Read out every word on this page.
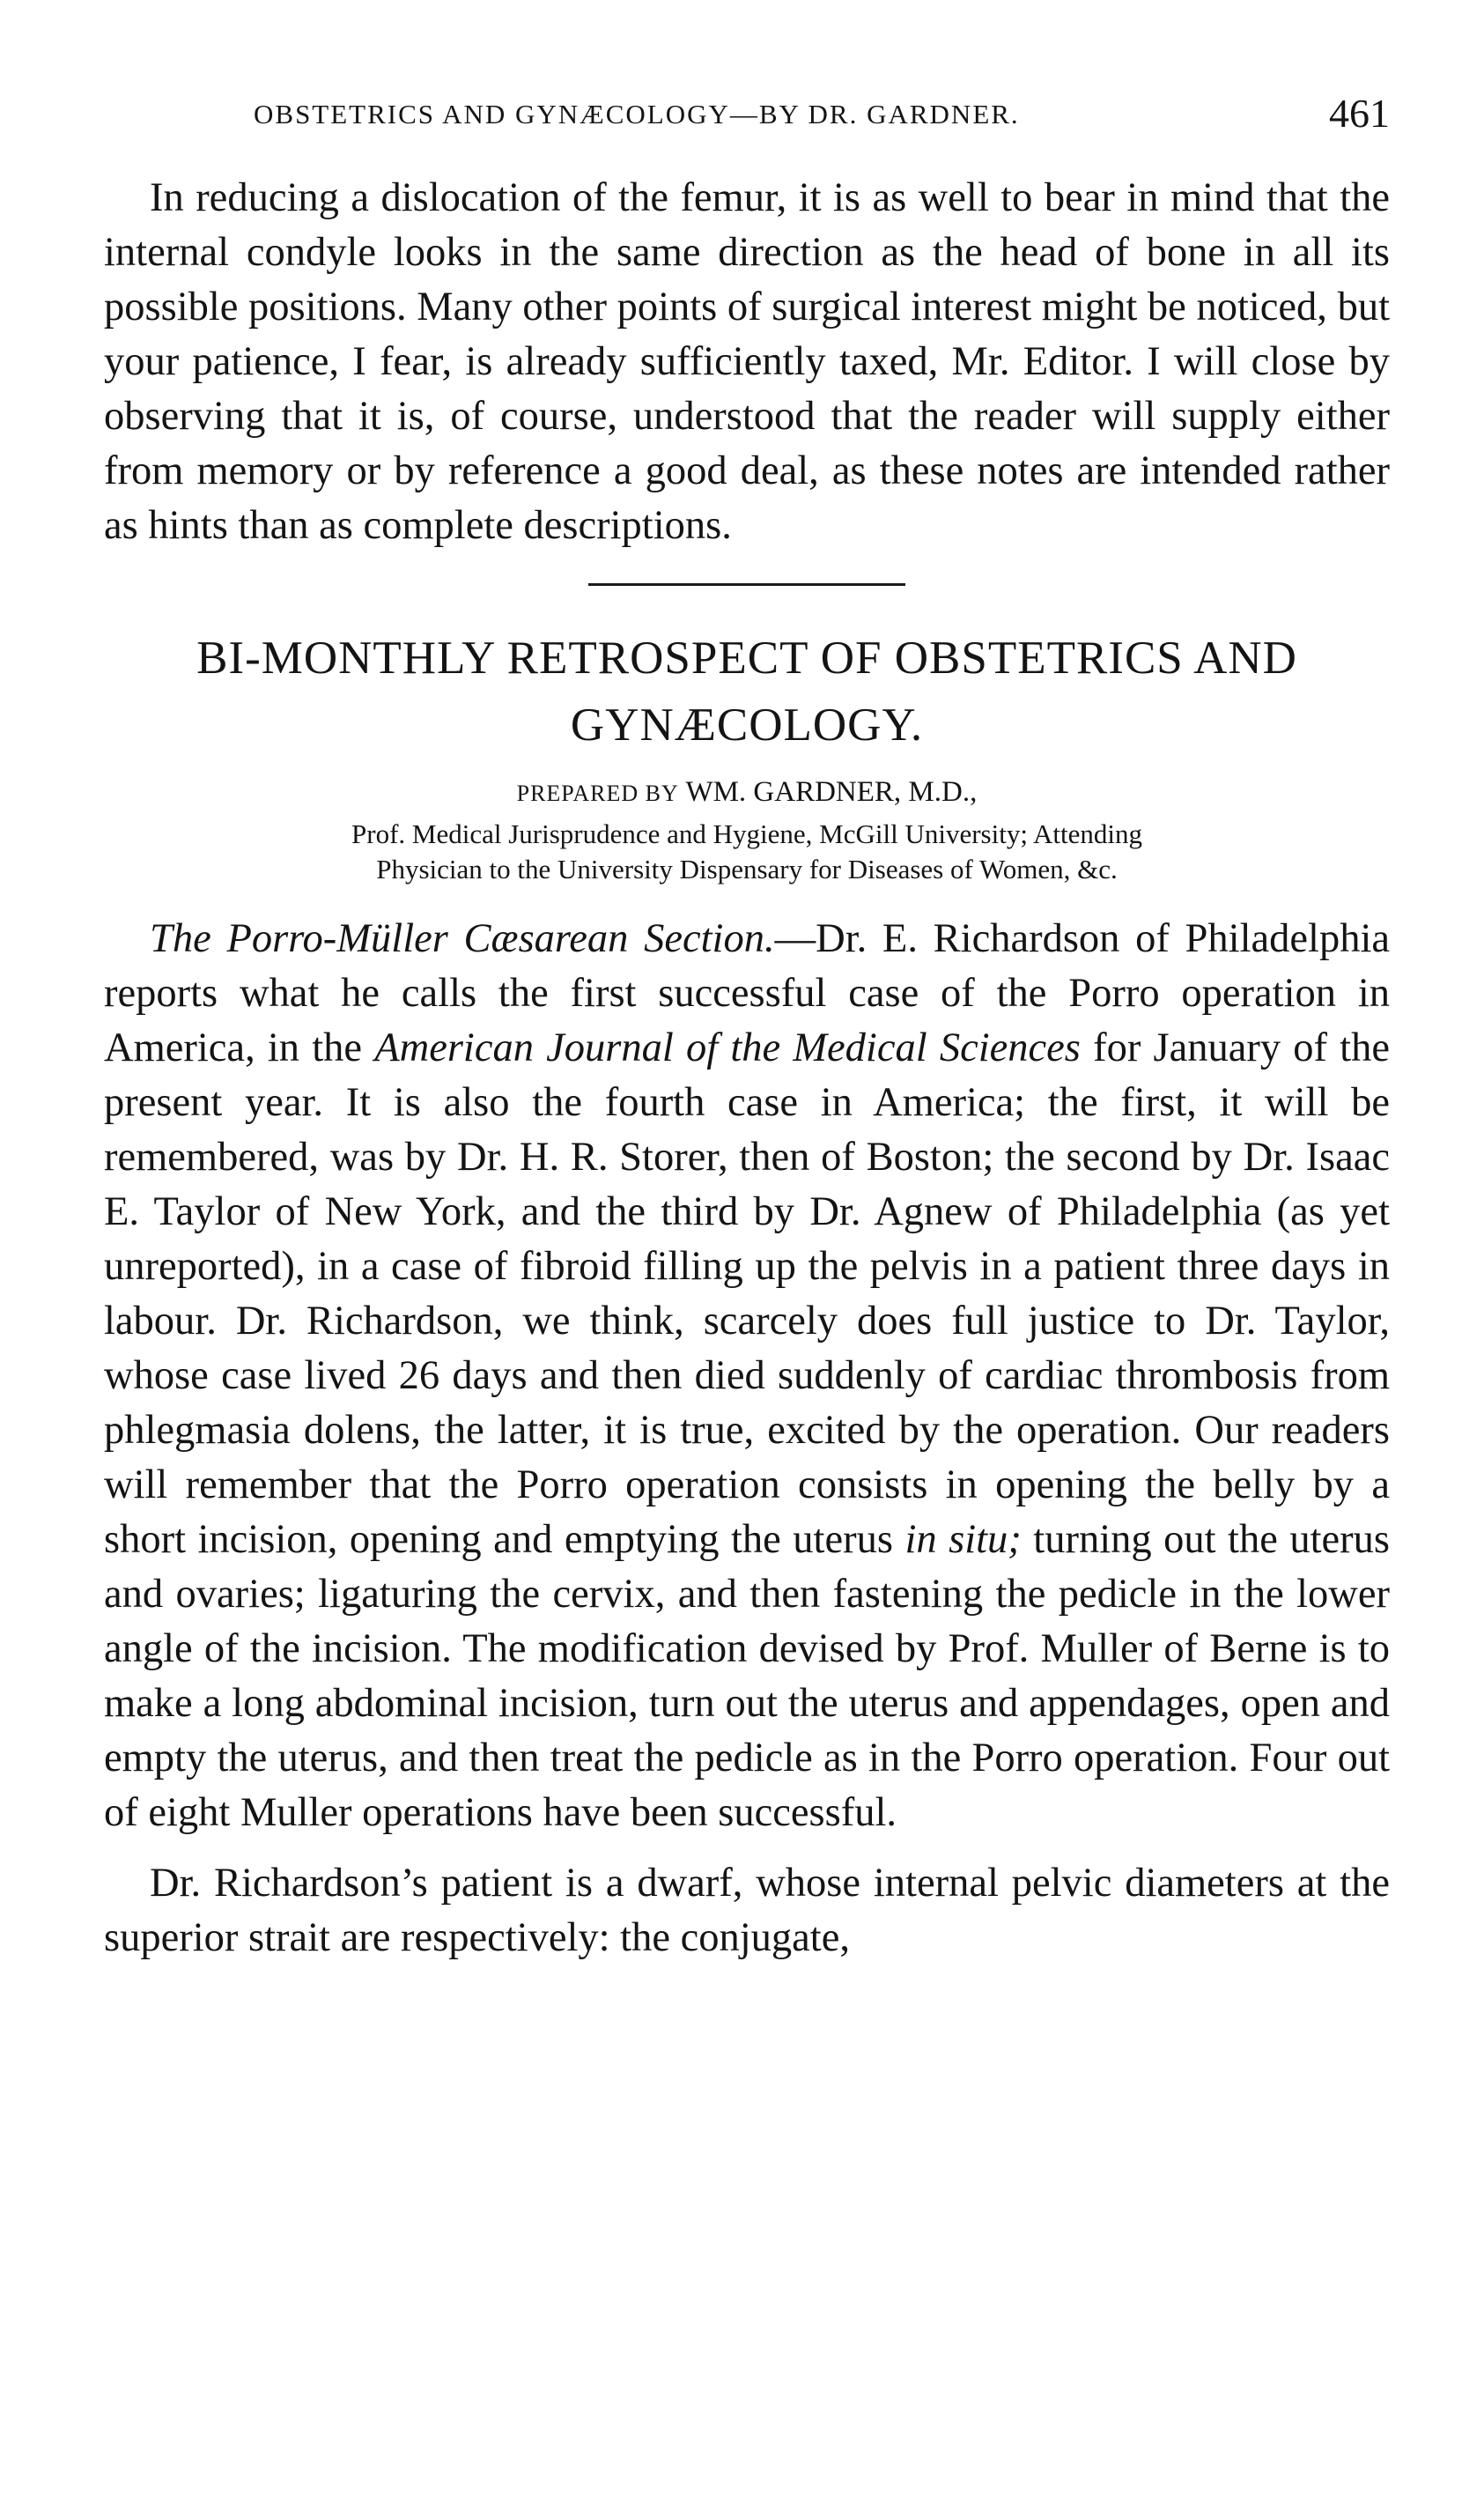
OBSTETRICS AND GYNÆCOLOGY—BY DR. GARDNER.	461

In reducing a dislocation of the femur, it is as well to bear in mind that the internal condyle looks in the same direction as the head of bone in all its possible positions. Many other points of surgical interest might be noticed, but your patience, I fear, is already sufficiently taxed, Mr. Editor. I will close by observing that it is, of course, understood that the reader will supply either from memory or by reference a good deal, as these notes are intended rather as hints than as complete descriptions.

BI-MONTHLY RETROSPECT OF OBSTETRICS AND GYNÆCOLOGY.
PREPARED BY WM. GARDNER, M.D.,
Prof. Medical Jurisprudence and Hygiene, McGill University; Attending
Physician to the University Dispensary for Diseases of Women, &c.

The Porro-Müller Cæsarean Section.—Dr. E. Richardson of Philadelphia reports what he calls the first successful case of the Porro operation in America, in the American Journal of the Medical Sciences for January of the present year. It is also the fourth case in America; the first, it will be remembered, was by Dr. H. R. Storer, then of Boston; the second by Dr. Isaac E. Taylor of New York, and the third by Dr. Agnew of Philadelphia (as yet unreported), in a case of fibroid filling up the pelvis in a patient three days in labour. Dr. Richardson, we think, scarcely does full justice to Dr. Taylor, whose case lived 26 days and then died suddenly of cardiac thrombosis from phlegmasia dolens, the latter, it is true, excited by the operation. Our readers will remember that the Porro operation consists in opening the belly by a short incision, opening and emptying the uterus in situ; turning out the uterus and ovaries; ligaturing the cervix, and then fastening the pedicle in the lower angle of the incision. The modification devised by Prof. Muller of Berne is to make a long abdominal incision, turn out the uterus and appendages, open and empty the uterus, and then treat the pedicle as in the Porro operation. Four out of eight Muller operations have been successful.

Dr. Richardson’s patient is a dwarf, whose internal pelvic diameters at the superior strait are respectively: the conjugate,
